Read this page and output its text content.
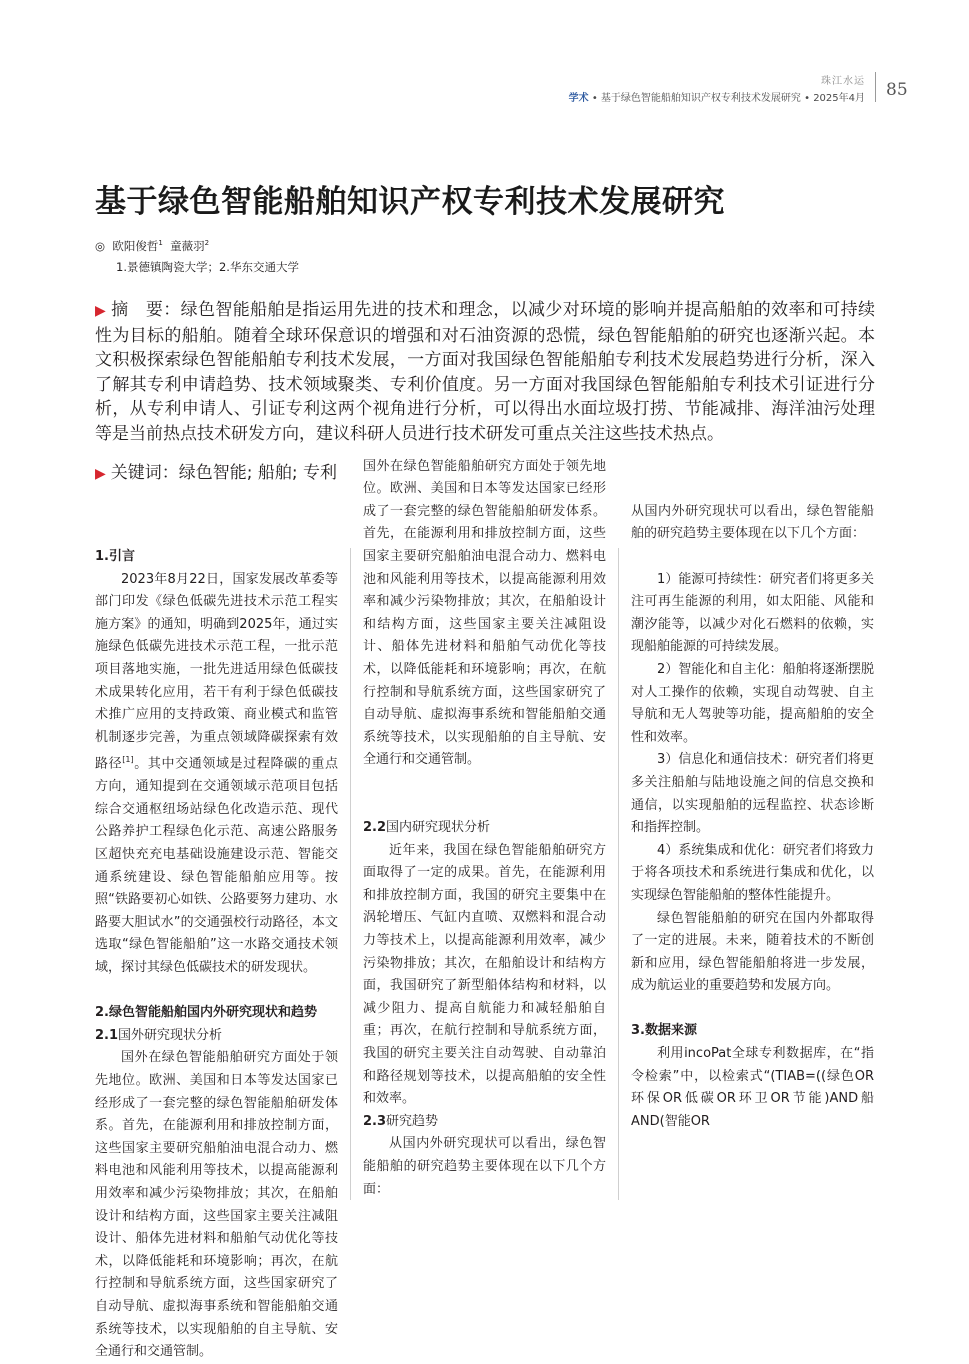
珠江水运
学术 • 基于绿色智能船舶知识产权专利技术发展研究 • 2025年4月 85
基于绿色智能船舶知识产权专利技术发展研究
◎ 欧阳俊哲$^1$ 童薇羽$^2$
1.景德镇陶瓷大学；2.华东交通大学
▶ 摘　要：绿色智能船舶是指运用先进的技术和理念，以减少对环境的影响并提高船舶的效率和可持续性为目标的船舶。随着全球环保意识的增强和对石油资源的恐慌，绿色智能船舶的研究也逐渐兴起。本文积极探索绿色智能船舶专利技术发展，一方面对我国绿色智能船舶专利技术发展趋势进行分析，深入了解其专利申请趋势、技术领域聚类、专利价值度。另一方面对我国绿色智能船舶专利技术引证进行分析，从专利申请人、引证专利这两个视角进行分析，可以得出水面垃圾打捞、节能减排、海洋油污处理等是当前热点技术研发方向，建议科研人员进行技术研发可重点关注这些技术热点。
▶ 关键词：绿色智能; 船舶; 专利
1.引言

2023年8月22日，国家发展改革委等部门印发《绿色低碳先进技术示范工程实施方案》的通知，明确到2025年，通过实施绿色低碳先进技术示范工程，一批示范项目落地实施，一批先进适用绿色低碳技术成果转化应用，若干有利于绿色低碳技术推广应用的支持政策、商业模式和监管机制逐步完善，为重点领域降碳探索有效路径[1]。其中交通领域是过程降碳的重点方向，通知提到在交通领域示范项目包括综合交通枢纽场站绿色化改造示范、现代公路养护工程绿色化示范、高速公路服务区超快充充电基础设施建设示范、智能交通系统建设、绿色智能船舶应用等。按照“铁路要初心如铁、公路要努力建功、水路要大胆试水”的交通强校行动路径，本文选取“绿色智能船舶”这一水路交通技术领域，探讨其绿色低碳技术的研发现状。

2.绿色智能船舶国内外研究现状和趋势
2.1国外研究现状分析

国外在绿色智能船舶研究方面处于领先地位。欧洲、美国和日本等发达国家已经形成了一套完整的绿色智能船舶研发体系。首先，在能源利用和排放控制方面，这些国家主要研究船舶油电混合动力、燃料电池和风能利用等技术，以提高能源利用效率和减少污染物排放；其次，在船舶设计和结构方面，这些国家主要关注减阻设计、船体先进材料和船舶气动优化等技术，以降低能耗和环境影响；再次，在航行控制和导航系统方面，这些国家研究了自动导航、虚拟海事系统和智能船舶交通系统等技术，以实现船舶的自主导航、安全通行和交通管制。

国外在绿色智能船舶研究方面处于领先地位。欧洲、美国和日本等发达国家已经形成了一套完整的绿色智能船舶研发体系。首先，在能源利用和排放控制方面，这些国家主要研究船舶油电混合动力、燃料电池和风能利用等技术，以提高能源利用效率和减少污染物排放；其次，在船舶设计和结构方面，这些国家主要关注减阻设计、船体先进材料和船舶气动优化等技术，以降低能耗和环境影响；再次，在航行控制和导航系统方面，这些国家研究了自动导航、虚拟海事系统和智能船舶交通系统等技术，以实现船舶的自主导航、安全通行和交通管制。

2.2国内研究现状分析

近年来，我国在绿色智能船舶研究方面取得了一定的成果。首先，在能源利用和排放控制方面，我国的研究主要集中在涡轮增压、气缸内直喷、双燃料和混合动力等技术上，以提高能源利用效率，减少污染物排放；其次，在船舶设计和结构方面，我国研究了新型船体结构和材料，以减少阻力、提高自航能力和减轻船舶自重；再次，在航行控制和导航系统方面，我国的研究主要关注自动驾驶、自动靠泊和路径规划等技术，以提高船舶的安全性和效率。

2.3研究趋势

从国内外研究现状可以看出，绿色智能船舶的研究趋势主要体现在以下几个方面：

从国内外研究现状可以看出，绿色智能船舶的研究趋势主要体现在以下几个方面：

1）能源可持续性：研究者们将更多关注可再生能源的利用，如太阳能、风能和潮汐能等，以减少对化石燃料的依赖，实现船舶能源的可持续发展。

2）智能化和自主化：船舶将逐渐摆脱对人工操作的依赖，实现自动驾驶、自主导航和无人驾驶等功能，提高船舶的安全性和效率。

3）信息化和通信技术：研究者们将更多关注船舶与陆地设施之间的信息交换和通信，以实现船舶的远程监控、状态诊断和指挥控制。

4）系统集成和优化：研究者们将致力于将各项技术和系统进行集成和优化，以实现绿色智能船舶的整体性能提升。

绿色智能船舶的研究在国内外都取得了一定的进展。未来，随着技术的不断创新和应用，绿色智能船舶将进一步发展，成为航运业的重要趋势和发展方向。

3.数据来源

利用incoPat全球专利数据库，在“指令检索”中，以检索式“(TIAB=((绿色OR环保OR低碳OR环卫OR节能)AND船AND(智能OR
